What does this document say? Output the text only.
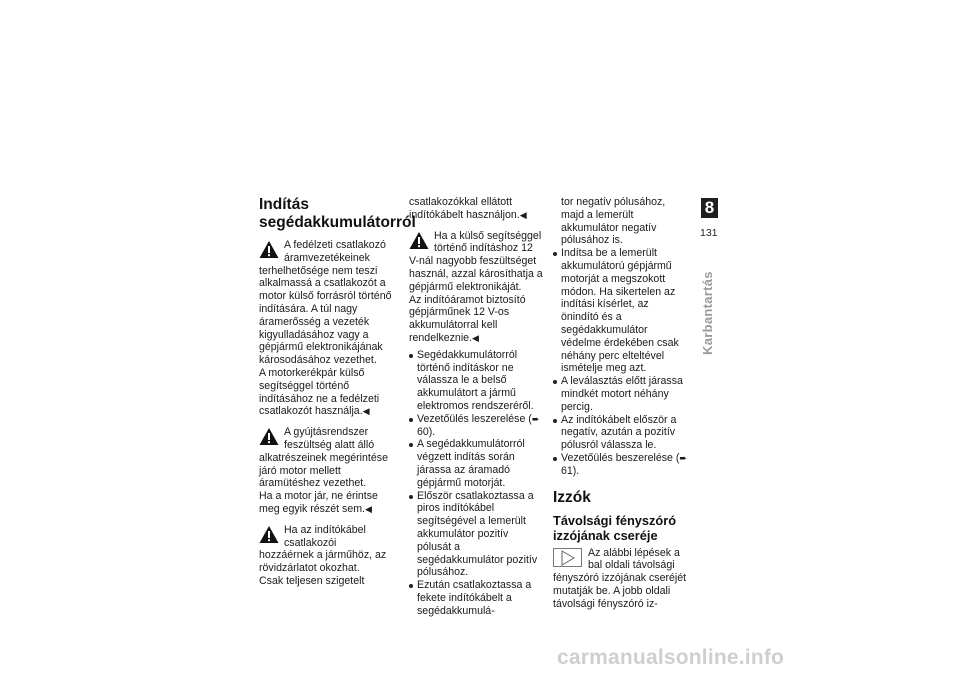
Indítás
segédakkumulátorról

A fedélzeti csatlakozó áramvezetékeinek terhelhetősége nem teszi alkalmassá a csatlakozót a motor külső forrásról történő indítására. A túl nagy áramerősség a vezeték kigyulladásához vagy a gépjármű elektronikájának károsodásához vezethet.

A motorkerékpár külső segítséggel történő indításához ne a fedélzeti csatlakozót használja.◀

A gyújtásrendszer feszültség alatt álló alkatrészeinek megérintése járó motor mellett áramütéshez vezethet.

Ha a motor jár, ne érintse meg egyik részét sem.◀

Ha az indítókábel csatlakozói hozzáérnek a járműhöz, az rövidzárlatot okozhat.

Csak teljesen szigetelt

csatlakozókkal ellátott indítókábelt használjon.◀

Ha a külső segítséggel történő indításhoz 12 V-nál nagyobb feszültséget használ, azzal károsíthatja a gépjármű elektronikáját.

Az indítóáramot biztosító gépjárműnek 12 V-os akkumulátorral kell rendelkeznie.◀

Segédakkumulátorról történő indításkor ne válassza le a belső akkumulátort a jármű elektromos rendszeréről.
Vezetőülés leszerelése (➨ 60).
A segédakkumulátorról végzett indítás során járassa az áramadó gépjármű motorját.
Először csatlakoztassa a piros indítókábel segítségével a lemerült akkumulátor pozitív pólusát a segédakkumulátor pozitív pólusához.
Ezután csatlakoztassa a fekete indítókábelt a segédakkumulá-

tor negatív pólusához, majd a lemerült akkumulátor negatív pólusához is.

Indítsa be a lemerült akkumulátorú gépjármű motorját a megszokott módon. Ha sikertelen az indítási kísérlet, az önindító és a segédakkumulátor védelme érdekében csak néhány perc elteltével ismételje meg azt.
A leválasztás előtt járassa mindkét motort néhány percig.
Az indítókábelt először a negatív, azután a pozitív pólusról válassza le.
Vezetőülés beszerelése (➨ 61).
Izzók
Távolsági fényszóró
izzójának cseréje

Az alábbi lépések a bal oldali távolsági fényszóró izzójának cseréjét mutatják be. A jobb oldali távolsági fényszóró iz-

8
131
Karbantartás
carmanualsonline.info
